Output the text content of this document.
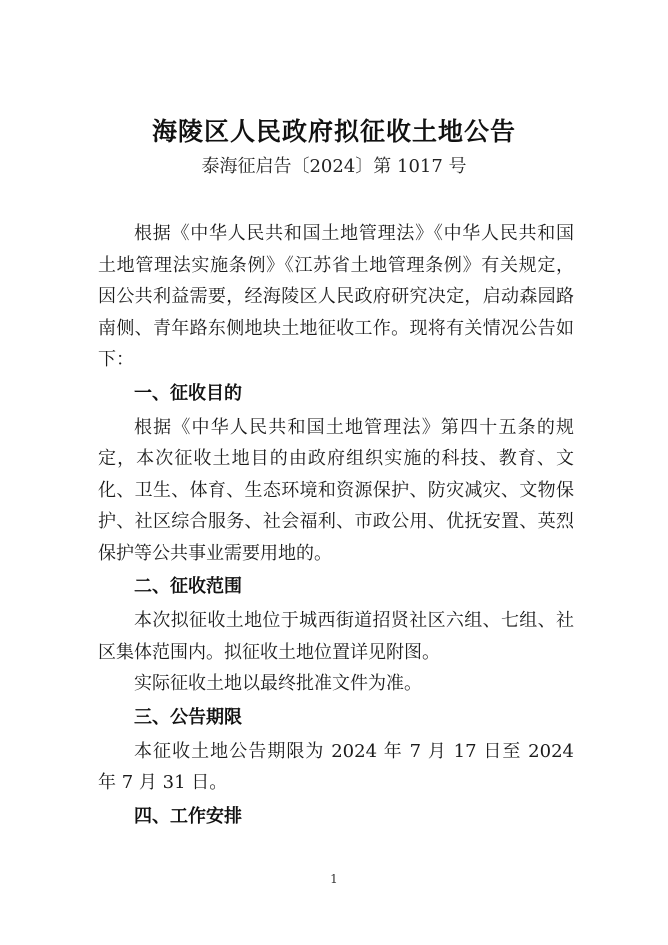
海陵区人民政府拟征收土地公告
泰海征启告〔2024〕第 1017 号

根据《中华人民共和国土地管理法》《中华人民共和国土地管理法实施条例》《江苏省土地管理条例》有关规定，因公共利益需要，经海陵区人民政府研究决定，启动森园路南侧、青年路东侧地块土地征收工作。现将有关情况公告如下：

一、征收目的

根据《中华人民共和国土地管理法》第四十五条的规定，本次征收土地目的由政府组织实施的科技、教育、文化、卫生、体育、生态环境和资源保护、防灾减灾、文物保护、社区综合服务、社会福利、市政公用、优抚安置、英烈保护等公共事业需要用地的。

二、征收范围

本次拟征收土地位于城西街道招贤社区六组、七组、社区集体范围内。拟征收土地位置详见附图。

实际征收土地以最终批准文件为准。

三、公告期限

本征收土地公告期限为 2024 年 7 月 17 日至 2024 年 7 月 31 日。

四、工作安排

1
